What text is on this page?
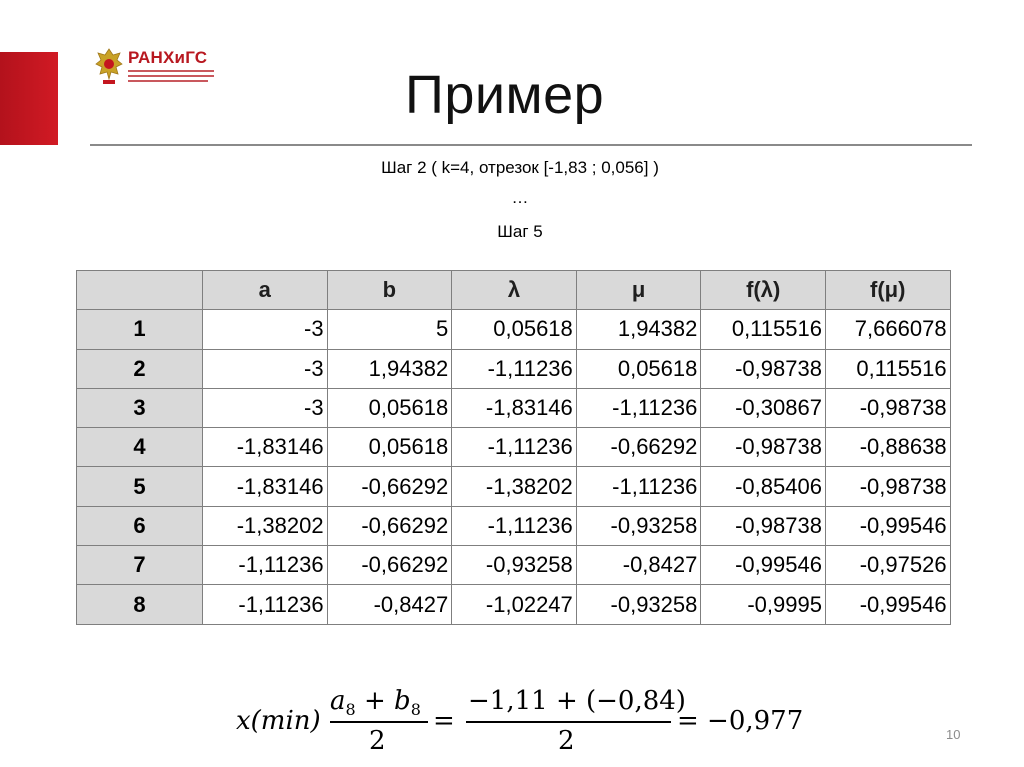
РАНХиГС
Пример
Шаг 2 ( k=4, отрезок [-1,83 ; 0,056] )
…
Шаг 5
	a	b	λ	μ	f(λ)	f(μ)
1	-3	5	0,05618	1,94382	0,115516	7,666078
2	-3	1,94382	-1,11236	0,05618	-0,98738	0,115516
3	-3	0,05618	-1,83146	-1,11236	-0,30867	-0,98738
4	-1,83146	0,05618	-1,11236	-0,66292	-0,98738	-0,88638
5	-1,83146	-0,66292	-1,38202	-1,11236	-0,85406	-0,98738
6	-1,38202	-0,66292	-1,11236	-0,93258	-0,98738	-0,99546
7	-1,11236	-0,66292	-0,93258	-0,8427	-0,99546	-0,97526
8	-1,11236	-0,8427	-1,02247	-0,93258	-0,9995	-0,99546
x(min)
$a_8 + b_8$
2
=
−1,11 + (−0,84)
2
= −0,977	10
